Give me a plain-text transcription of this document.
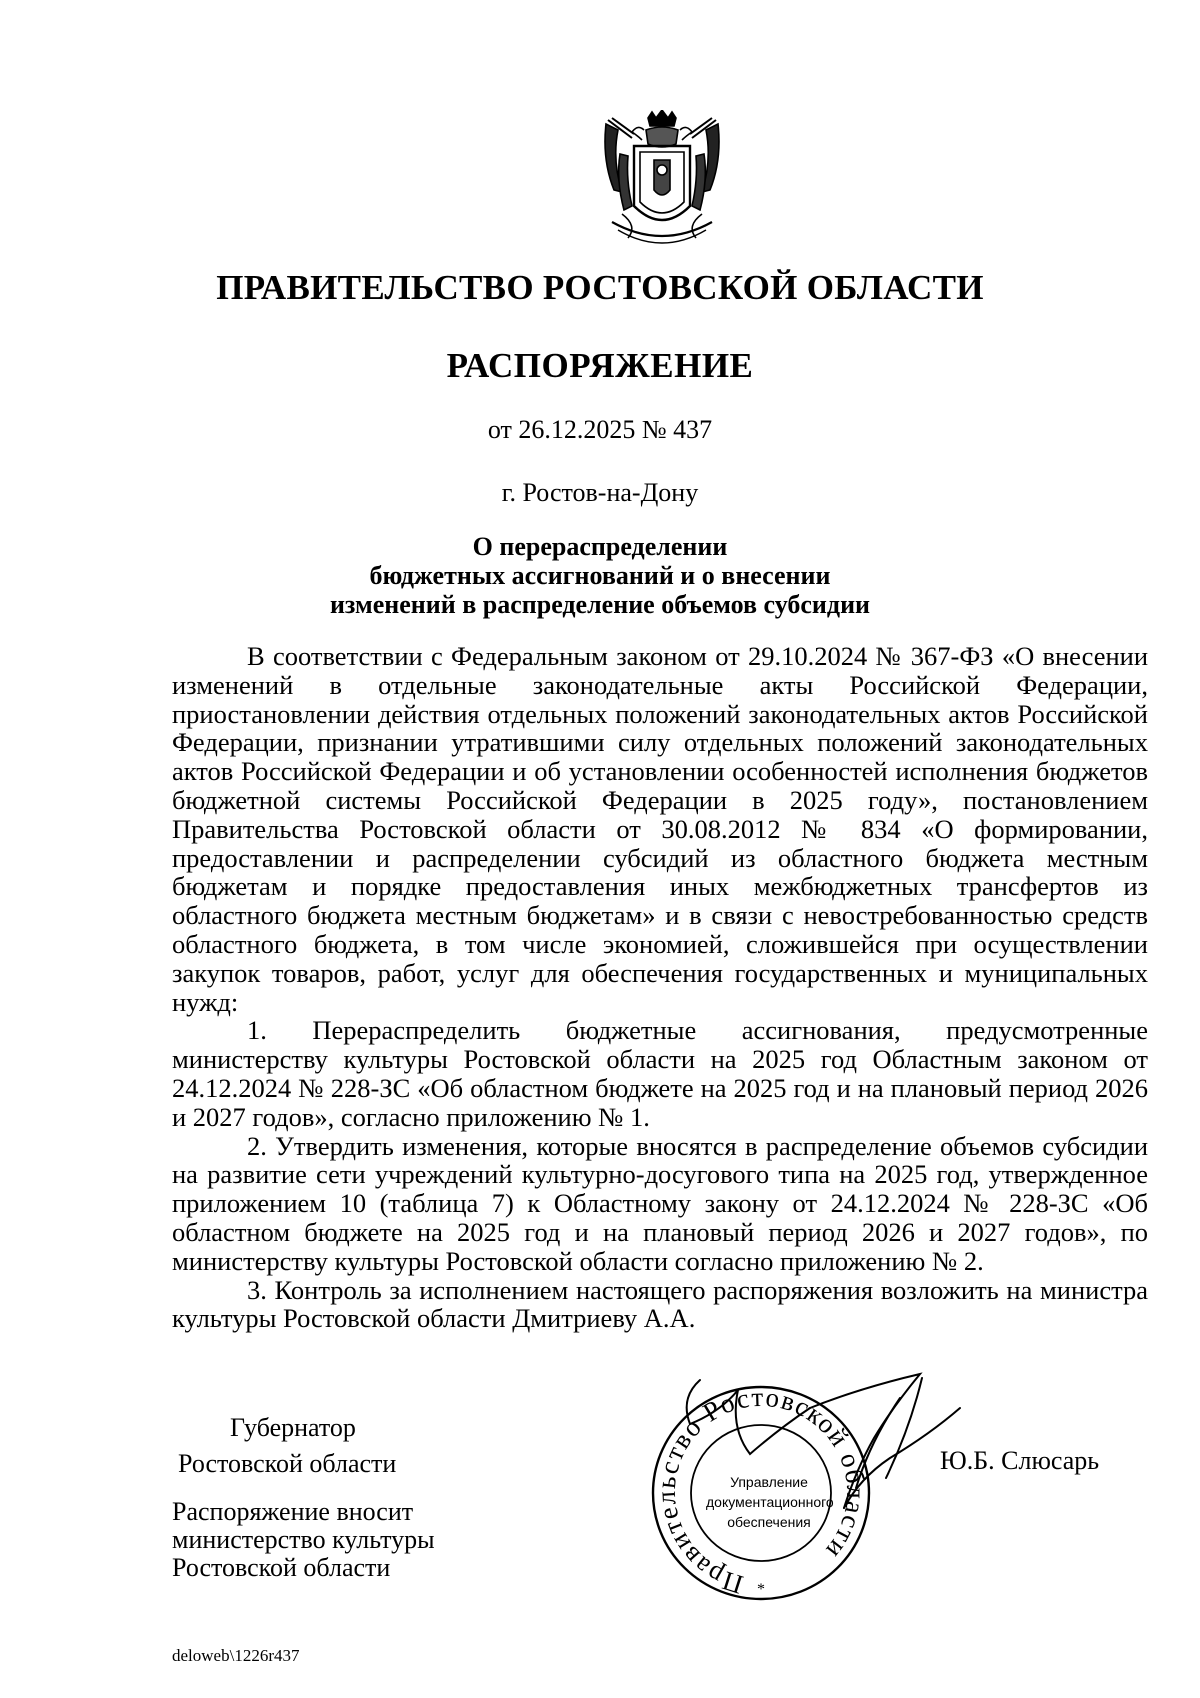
ПРАВИТЕЛЬСТВО РОСТОВСКОЙ ОБЛАСТИ
РАСПОРЯЖЕНИЕ
от 26.12.2025 № 437
г. Ростов-на-Дону
О перераспределении
бюджетных ассигнований и о внесении
изменений в распределение объемов субсидии

В соответствии с Федеральным законом от 29.10.2024 № 367-ФЗ «О внесении изменений в отдельные законодательные акты Российской Федерации, приостановлении действия отдельных положений законодательных актов Российской Федерации, признании утратившими силу отдельных положений законодательных актов Российской Федерации и об установлении особенностей исполнения бюджетов бюджетной системы Российской Федерации в 2025 году», постановлением Правительства Ростовской области от 30.08.2012 № 834 «О формировании, предоставлении и распределении субсидий из областного бюджета местным бюджетам и порядке предоставления иных межбюджетных трансфертов из областного бюджета местным бюджетам» и в связи с невостребованностью средств областного бюджета, в том числе экономией, сложившейся при осуществлении закупок товаров, работ, услуг для обеспечения государственных и муниципальных нужд:

1. Перераспределить бюджетные ассигнования, предусмотренные министерству культуры Ростовской области на 2025 год Областным законом от 24.12.2024 № 228-ЗС «Об областном бюджете на 2025 год и на плановый период 2026 и 2027 годов», согласно приложению № 1.

2. Утвердить изменения, которые вносятся в распределение объемов субсидии на развитие сети учреждений культурно-досугового типа на 2025 год, утвержденное приложением 10 (таблица 7) к Областному закону от 24.12.2024 № 228-ЗС «Об областном бюджете на 2025 год и на плановый период 2026 и 2027 годов», по министерству культуры Ростовской области согласно приложению № 2.

3. Контроль за исполнением настоящего распоряжения возложить на министра культуры Ростовской области Дмитриеву А.А.

Правительство Ростовской области
*
Управление
документационного
обеспечения
Губернатор
Ростовской области	Ю.Б. Слюсарь
Распоряжение вносит
министерство культуры
Ростовской области
deloweb\1226r437
